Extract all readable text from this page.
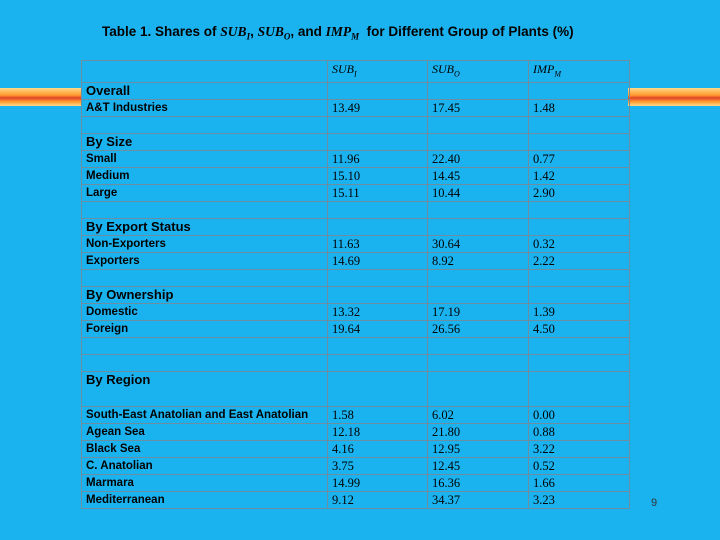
Table 1. Shares of $SUB_I$, $SUB_O$, and $IMP_M$  for Different Group of Plants (%)
	$SUB_I$	$SUB_O$	$IMP_M$
Overall			
A&T Industries	13.49	17.45	1.48

By Size			
Small	11.96	22.40	0.77
Medium	15.10	14.45	1.42
Large	15.11	10.44	2.90

By Export Status			
Non-Exporters	11.63	30.64	0.32
Exporters	14.69	8.92	2.22

By Ownership			
Domestic	13.32	17.19	1.39
Foreign	19.64	26.56	4.50

By Region			
South-East Anatolian and East Anatolian	1.58	6.02	0.00
Agean Sea	12.18	21.80	0.88
Black Sea	4.16	12.95	3.22
C. Anatolian	3.75	12.45	0.52
Marmara	14.99	16.36	1.66
Mediterranean	9.12	34.37	3.23	9
